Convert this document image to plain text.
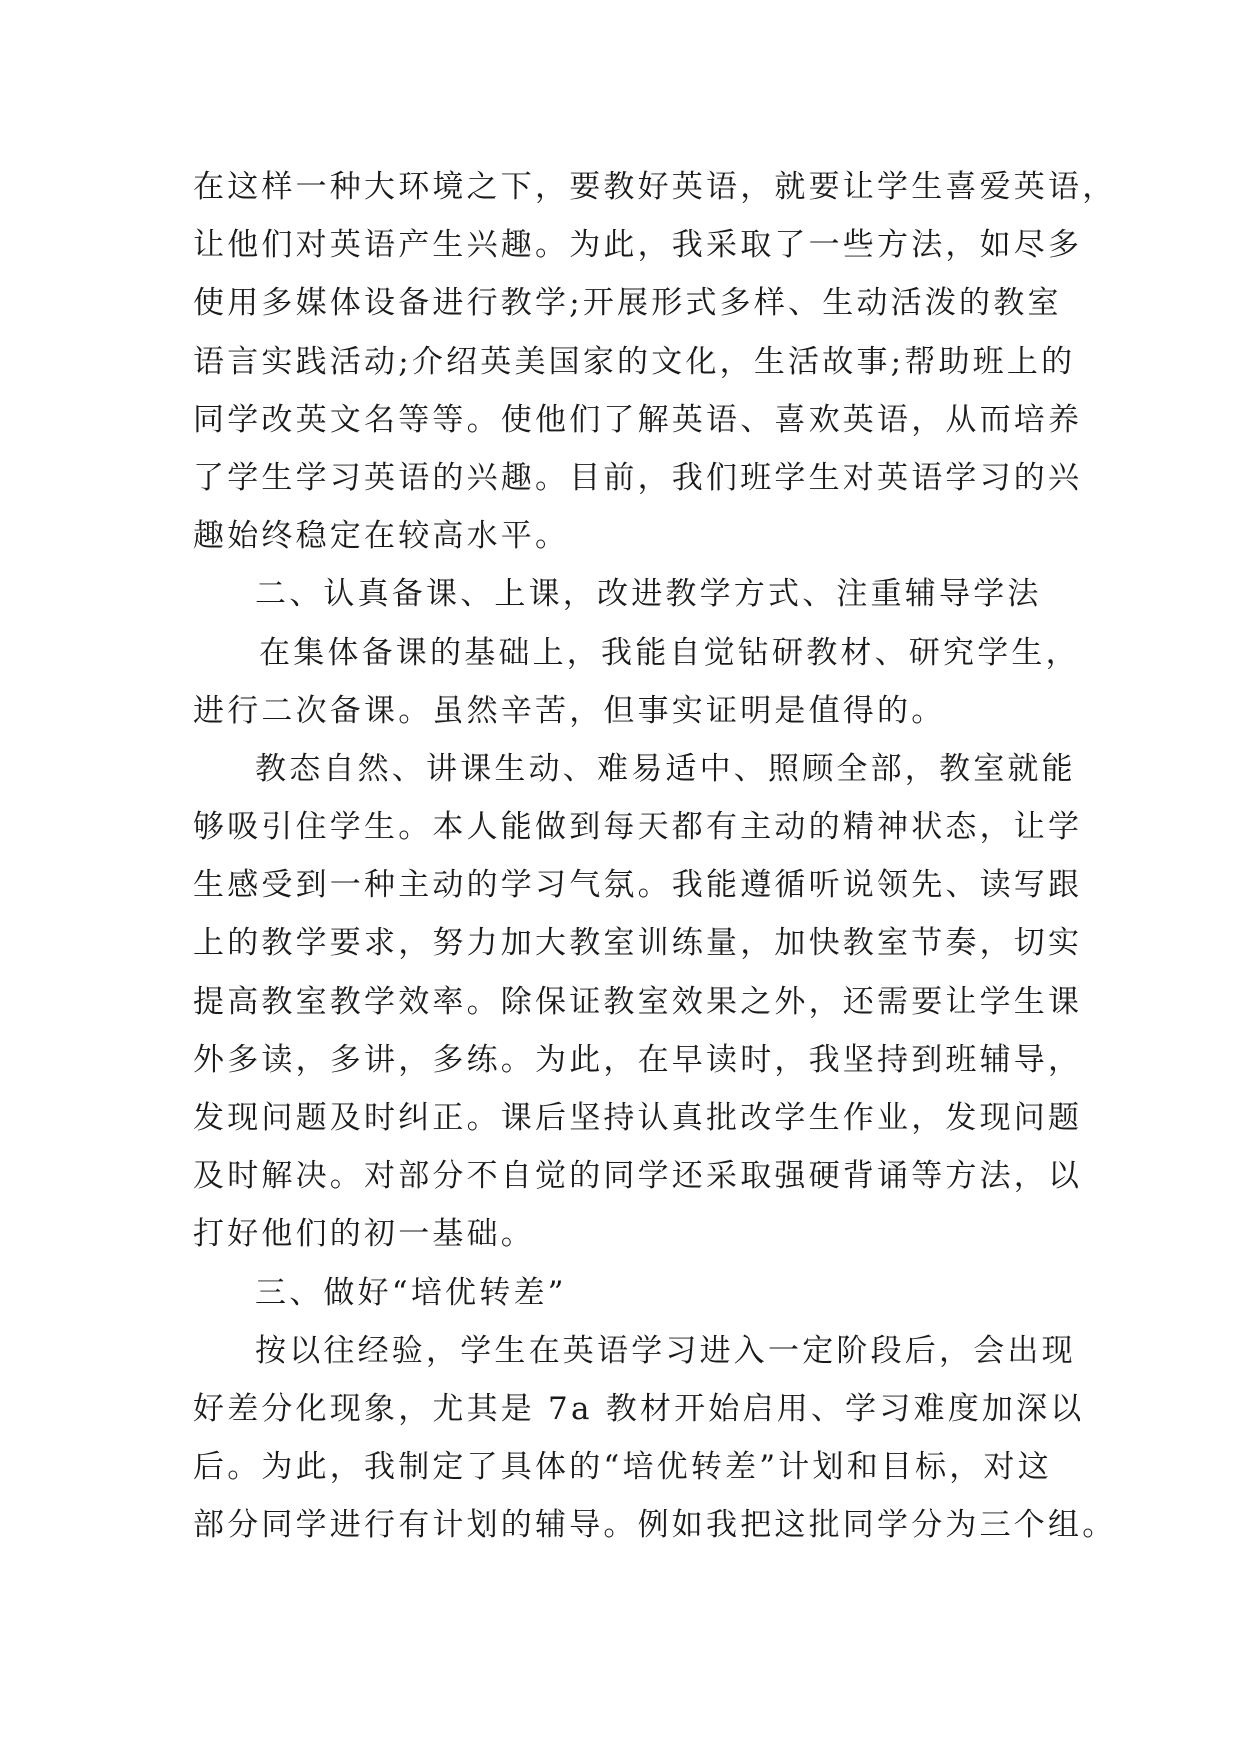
在这样一种大环境之下，要教好英语，就要让学生喜爱英语，
让他们对英语产生兴趣。为此，我采取了一些方法，如尽多
使用多媒体设备进行教学;开展形式多样、生动活泼的教室
语言实践活动;介绍英美国家的文化，生活故事;帮助班上的
同学改英文名等等。使他们了解英语、喜欢英语，从而培养
了学生学习英语的兴趣。目前，我们班学生对英语学习的兴
趣始终稳定在较高水平。
二、认真备课、上课，改进教学方式、注重辅导学法
在集体备课的基础上，我能自觉钻研教材、研究学生，
进行二次备课。虽然辛苦，但事实证明是值得的。
教态自然、讲课生动、难易适中、照顾全部，教室就能
够吸引住学生。本人能做到每天都有主动的精神状态，让学
生感受到一种主动的学习气氛。我能遵循听说领先、读写跟
上的教学要求，努力加大教室训练量，加快教室节奏，切实
提高教室教学效率。除保证教室效果之外，还需要让学生课
外多读，多讲，多练。为此，在早读时，我坚持到班辅导，
发现问题及时纠正。课后坚持认真批改学生作业，发现问题
及时解决。对部分不自觉的同学还采取强硬背诵等方法，以
打好他们的初一基础。
三、做好“培优转差”
按以往经验，学生在英语学习进入一定阶段后，会出现
好差分化现象，尤其是 7a 教材开始启用、学习难度加深以
后。为此，我制定了具体的“培优转差”计划和目标，对这
部分同学进行有计划的辅导。例如我把这批同学分为三个组。
